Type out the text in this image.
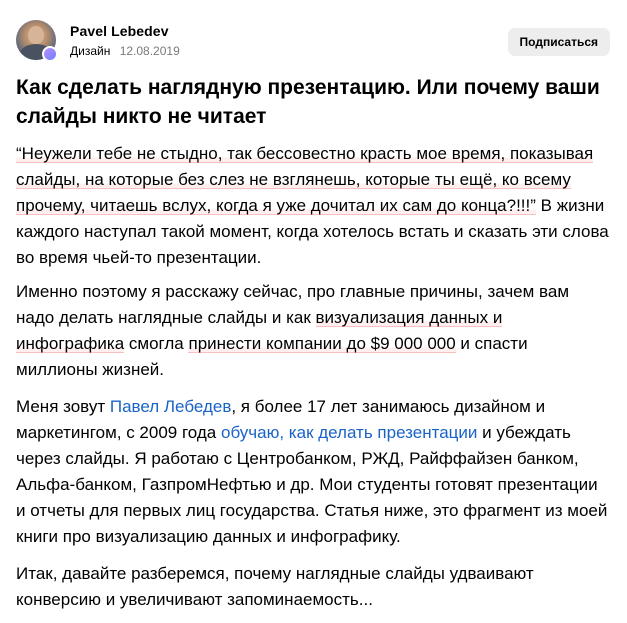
Pavel Lebedev
Дизайн 12.08.2019
Подписаться
Как сделать наглядную презентацию. Или почему ваши слайды никто не читает

“Неужели тебе не стыдно, так бессовестно красть мое время, показывая слайды, на которые без слез не взглянешь, которые ты ещё, ко всему прочему, читаешь вслух, когда я уже дочитал их сам до конца?!!!” В жизни каждого наступал такой момент, когда хотелось встать и сказать эти слова во время чьей-то презентации.

Именно поэтому я расскажу сейчас, про главные причины, зачем вам надо делать наглядные слайды и как визуализация данных и инфографика смогла принести компании до $9 000 000 и спасти миллионы жизней.

Меня зовут Павел Лебедев, я более 17 лет занимаюсь дизайном и маркетингом, с 2009 года обучаю, как делать презентации и убеждать через слайды. Я работаю с Центробанком, РЖД, Райффайзен банком, Альфа-банком, ГазпромНефтью и др. Мои студенты готовят презентации и отчеты для первых лиц государства. Статья ниже, это фрагмент из моей книги про визуализацию данных и инфографику.

Итак, давайте разберемся, почему наглядные слайды удваивают конверсию и увеличивают запоминаемость...
